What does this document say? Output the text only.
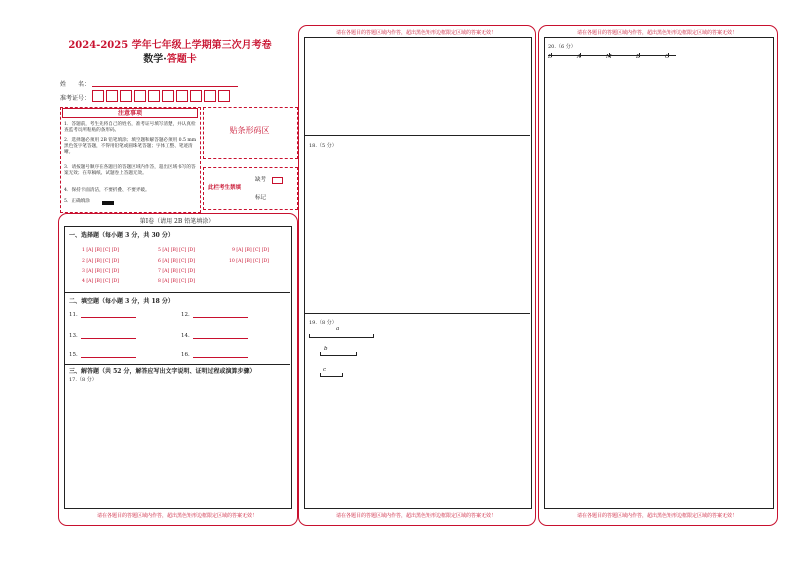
2024-2025 学年七年级上学期第三次月考卷
数学·答题卡
姓　　名：
准考证号：
注意事项
1．答题前，考生先将自己的姓名，准考证号填写清楚，并认真检查监考员所粘贴的条形码。
2．选择题必须用 2B 铅笔填涂；填空题和解答题必须用 0.5 mm 黑色签字笔答题，不得用铅笔或圆珠笔答题；字体工整、笔迹清晰。
3．请按题号顺序在各题目的答题区域内作答，超出区域书写的答案无效；在草稿纸、试题卷上答题无效。
4．保持卡面清洁，不要折叠、不要弄破。
5．正确填涂
贴条形码区
此栏考生禁填
缺考
标记
第Ⅰ卷（请用 2B 铅笔填涂）
一、选择题（每小题 3 分，共 30 分）
1 [A] [B] [C] [D]
2 [A] [B] [C] [D]
3 [A] [B] [C] [D]
4 [A] [B] [C] [D]
5 [A] [B] [C] [D]
6 [A] [B] [C] [D]
7 [A] [B] [C] [D]
8 [A] [B] [C] [D]
9 [A] [B] [C] [D]
10 [A] [B] [C] [D]
二、填空题（每小题 3 分，共 18 分）
11.	12.
13.	14.
15.	16.
三、解答题（共 52 分，解答应写出文字说明、证明过程或演算步骤）
17.（8 分）
请在各题目的答题区域内作答，超出黑色矩形边框限定区域的答案无效！
请在各题目的答题区域内作答，超出黑色矩形边框限定区域的答案无效！
18.（5 分）
19.（8 分）
a
b
c
请在各题目的答题区域内作答，超出黑色矩形边框限定区域的答案无效！
请在各题目的答题区域内作答，超出黑色矩形边框限定区域的答案无效！
20.（6 分）
D	A	M	B	C
请在各题目的答题区域内作答，超出黑色矩形边框限定区域的答案无效！
